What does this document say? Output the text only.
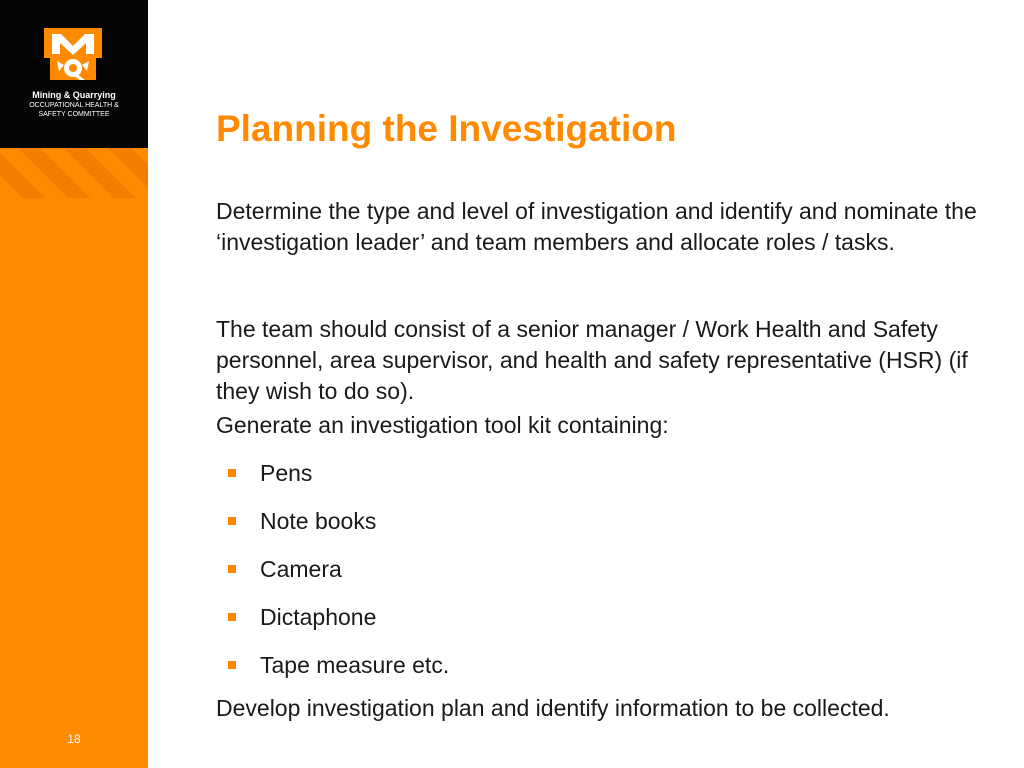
Mining & Quarrying
OCCUPATIONAL HEALTH &
SAFETY COMMITTEE
18
Planning the Investigation

Determine the type and level of investigation and identify and nominate the ‘investigation leader’ and team members and allocate roles / tasks.

The team should consist of a senior manager / Work Health and Safety personnel, area supervisor, and health and safety representative (HSR) (if they wish to do so).

Generate an investigation tool kit containing:

Pens
Note books
Camera
Dictaphone
Tape measure etc.

Develop investigation plan and identify information to be collected.
